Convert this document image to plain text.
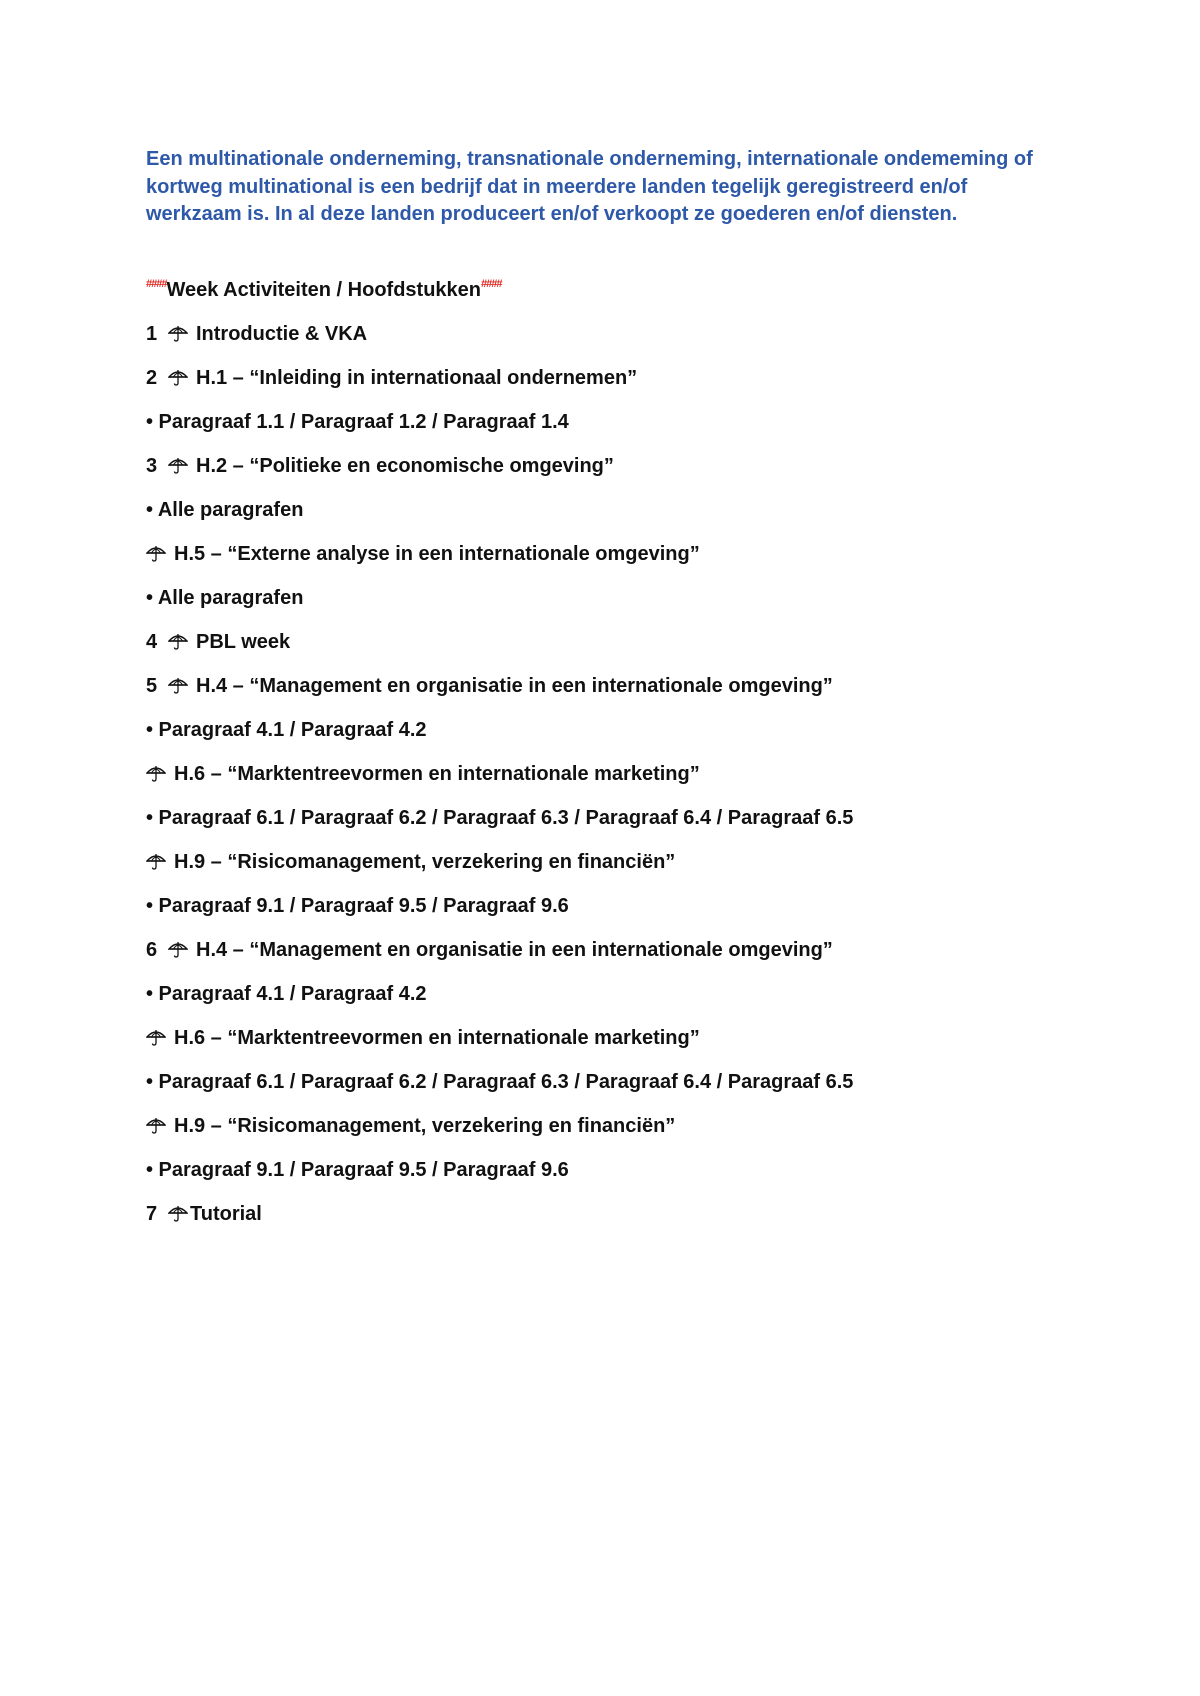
Een multinationale onderneming, transnationale onderneming, internationale ondememing of kortweg multinational is een bedrijf dat in meerdere landen tegelijk geregistreerd en/of werkzaam is. In al deze landen produceert en/of verkoopt ze goederen en/of diensten.

#### Week Activiteiten / Hoofdstukken ####
1	Introductie & VKA
2	H.1 – “Inleiding in internationaal ondernemen”
• Paragraaf 1.1 / Paragraaf 1.2 / Paragraaf 1.4
3	H.2 – “Politieke en economische omgeving”
• Alle paragrafen
H.5 – “Externe analyse in een internationale omgeving”
• Alle paragrafen
4	PBL week
5	H.4 – “Management en organisatie in een internationale omgeving”
• Paragraaf 4.1 / Paragraaf 4.2
H.6 – “Marktentreevormen en internationale marketing”
• Paragraaf 6.1 / Paragraaf 6.2 / Paragraaf 6.3 / Paragraaf 6.4 / Paragraaf 6.5
H.9 – “Risicomanagement, verzekering en financiën”
• Paragraaf 9.1 / Paragraaf 9.5 / Paragraaf 9.6
6	H.4 – “Management en organisatie in een internationale omgeving”
• Paragraaf 4.1 / Paragraaf 4.2
H.6 – “Marktentreevormen en internationale marketing”
• Paragraaf 6.1 / Paragraaf 6.2 / Paragraaf 6.3 / Paragraaf 6.4 / Paragraaf 6.5
H.9 – “Risicomanagement, verzekering en financiën”
• Paragraaf 9.1 / Paragraaf 9.5 / Paragraaf 9.6
7	Tutorial
